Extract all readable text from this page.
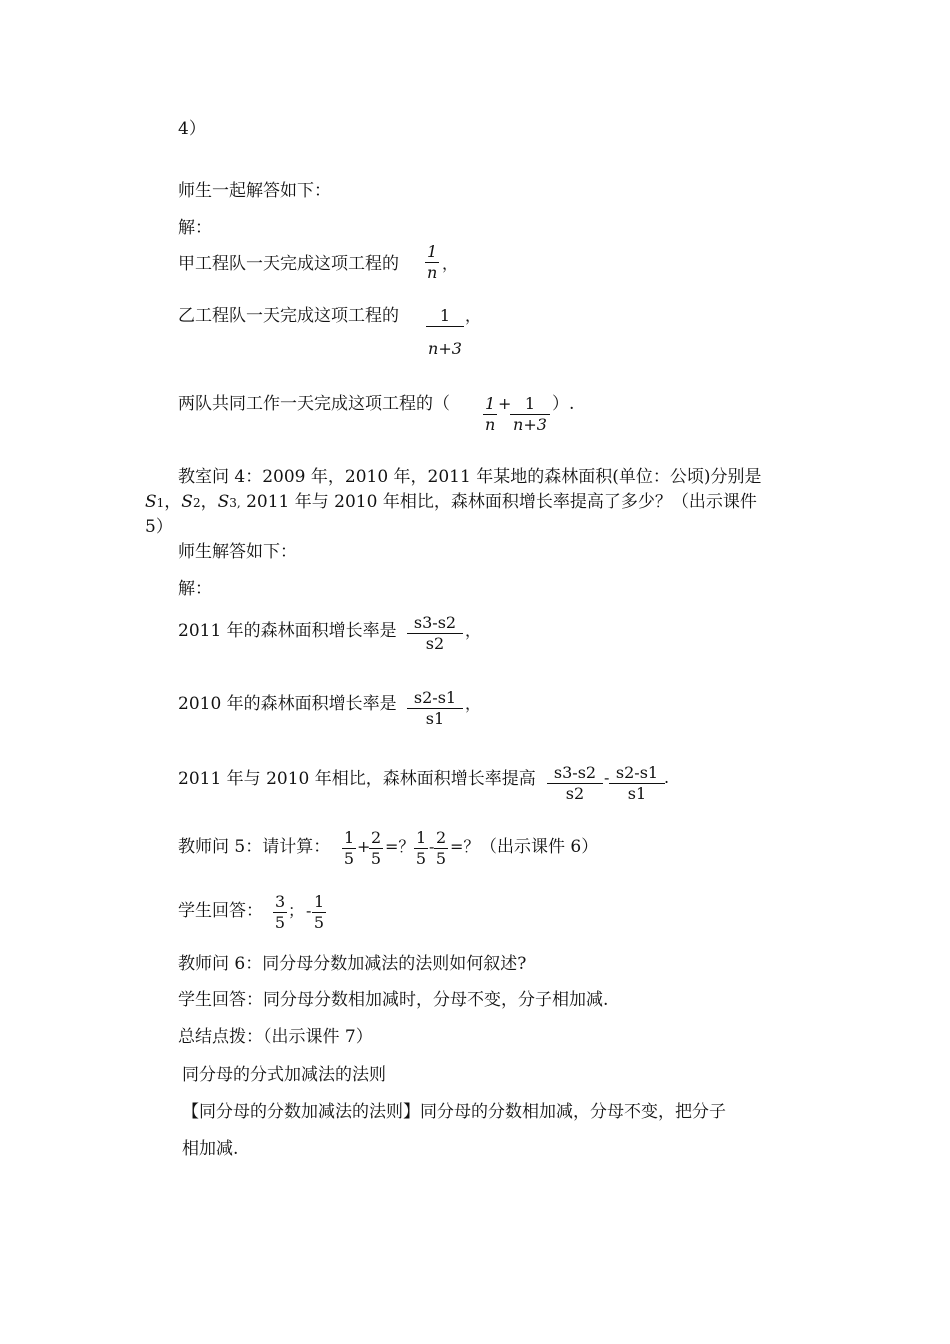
4）
师生一起解答如下：
解：
甲工程队一天完成这项工程的 $\frac{1}{n}$ ，
乙工程队一天完成这项工程的 $\frac{1}{n+3}$ ，
两队共同工作一天完成这项工程的（ $\frac{1}{n}$ +
$\frac{1}{n+3}$ ）.
教室问 4：2009 年，2010 年，2011 年某地的森林面积(单位：公顷)分别是
S1，S2，S3, 2011 年与 2010 年相比，森林面积增长率提高了多少？（出示课件
5）
师生解答如下：
解：
2011 年的森林面积增长率是 $\frac{s3-s2}{s2}$ ，
2010 年的森林面积增长率是 $\frac{s2-s1}{s1}$ ，
2011 年与 2010 年相比，森林面积增长率提高 $\frac{s3-s2}{s2} - \frac{s2-s1}{s1}$ .
教师问 5：请计算： $\frac{1}{5}$ +
$\frac{2}{5}$ =？ $\frac{1}{5} - \frac{2}{5}$ =？ （出示课件 6）
学生回答： $\frac{3}{5}$ ； - $\frac{1}{5}$
教师问 6：同分母分数加减法的法则如何叙述?
学生回答：同分母分数相加减时，分母不变，分子相加减.
总结点拨：（出示课件 7）
同分母的分式加减法的法则
【同分母的分数加减法的法则】同分母的分数相加减，分母不变，把分子
相加减.
